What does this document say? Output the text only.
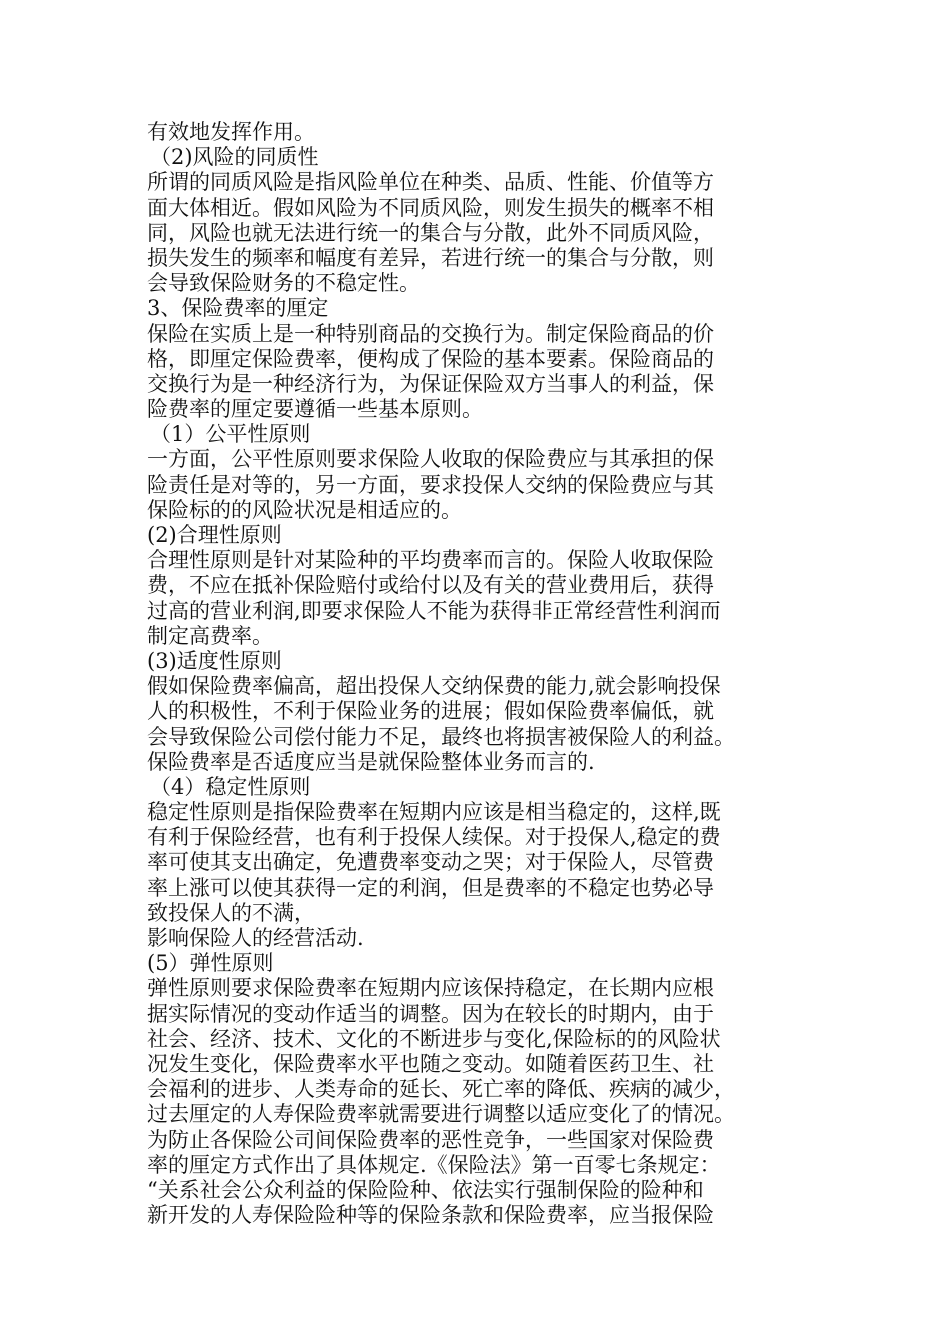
有效地发挥作用。
（2)风险的同质性
所谓的同质风险是指风险单位在种类、品质、性能、价值等方
面大体相近。假如风险为不同质风险，则发生损失的概率不相
同，风险也就无法进行统一的集合与分散，此外不同质风险，
损失发生的频率和幅度有差异，若进行统一的集合与分散，则
会导致保险财务的不稳定性。
3、保险费率的厘定
保险在实质上是一种特别商品的交换行为。制定保险商品的价
格，即厘定保险费率，便构成了保险的基本要素。保险商品的
交换行为是一种经济行为，为保证保险双方当事人的利益，保
险费率的厘定要遵循一些基本原则。
（1）公平性原则
一方面，公平性原则要求保险人收取的保险费应与其承担的保
险责任是对等的，另一方面，要求投保人交纳的保险费应与其
保险标的的风险状况是相适应的。
(2)合理性原则
合理性原则是针对某险种的平均费率而言的。保险人收取保险
费，不应在抵补保险赔付或给付以及有关的营业费用后，获得
过高的营业利润,即要求保险人不能为获得非正常经营性利润而
制定高费率。
(3)适度性原则
假如保险费率偏高，超出投保人交纳保费的能力,就会影响投保
人的积极性，不利于保险业务的进展；假如保险费率偏低，就
会导致保险公司偿付能力不足，最终也将损害被保险人的利益。
保险费率是否适度应当是就保险整体业务而言的.
（4）稳定性原则
稳定性原则是指保险费率在短期内应该是相当稳定的，这样,既
有利于保险经营，也有利于投保人续保。对于投保人,稳定的费
率可使其支出确定，免遭费率变动之哭；对于保险人，尽管费
率上涨可以使其获得一定的利润，但是费率的不稳定也势必导
致投保人的不满，
影响保险人的经营活动.
(5）弹性原则
弹性原则要求保险费率在短期内应该保持稳定，在长期内应根
据实际情况的变动作适当的调整。因为在较长的时期内，由于
社会、经济、技术、文化的不断进步与变化,保险标的的风险状
况发生变化，保险费率水平也随之变动。如随着医药卫生、社
会福利的进步、人类寿命的延长、死亡率的降低、疾病的减少，
过去厘定的人寿保险费率就需要进行调整以适应变化了的情况。
为防止各保险公司间保险费率的恶性竞争，一些国家对保险费
率的厘定方式作出了具体规定.《保险法》第一百零七条规定：
“关系社会公众利益的保险险种、依法实行强制保险的险种和
新开发的人寿保险险种等的保险条款和保险费率，应当报保险
